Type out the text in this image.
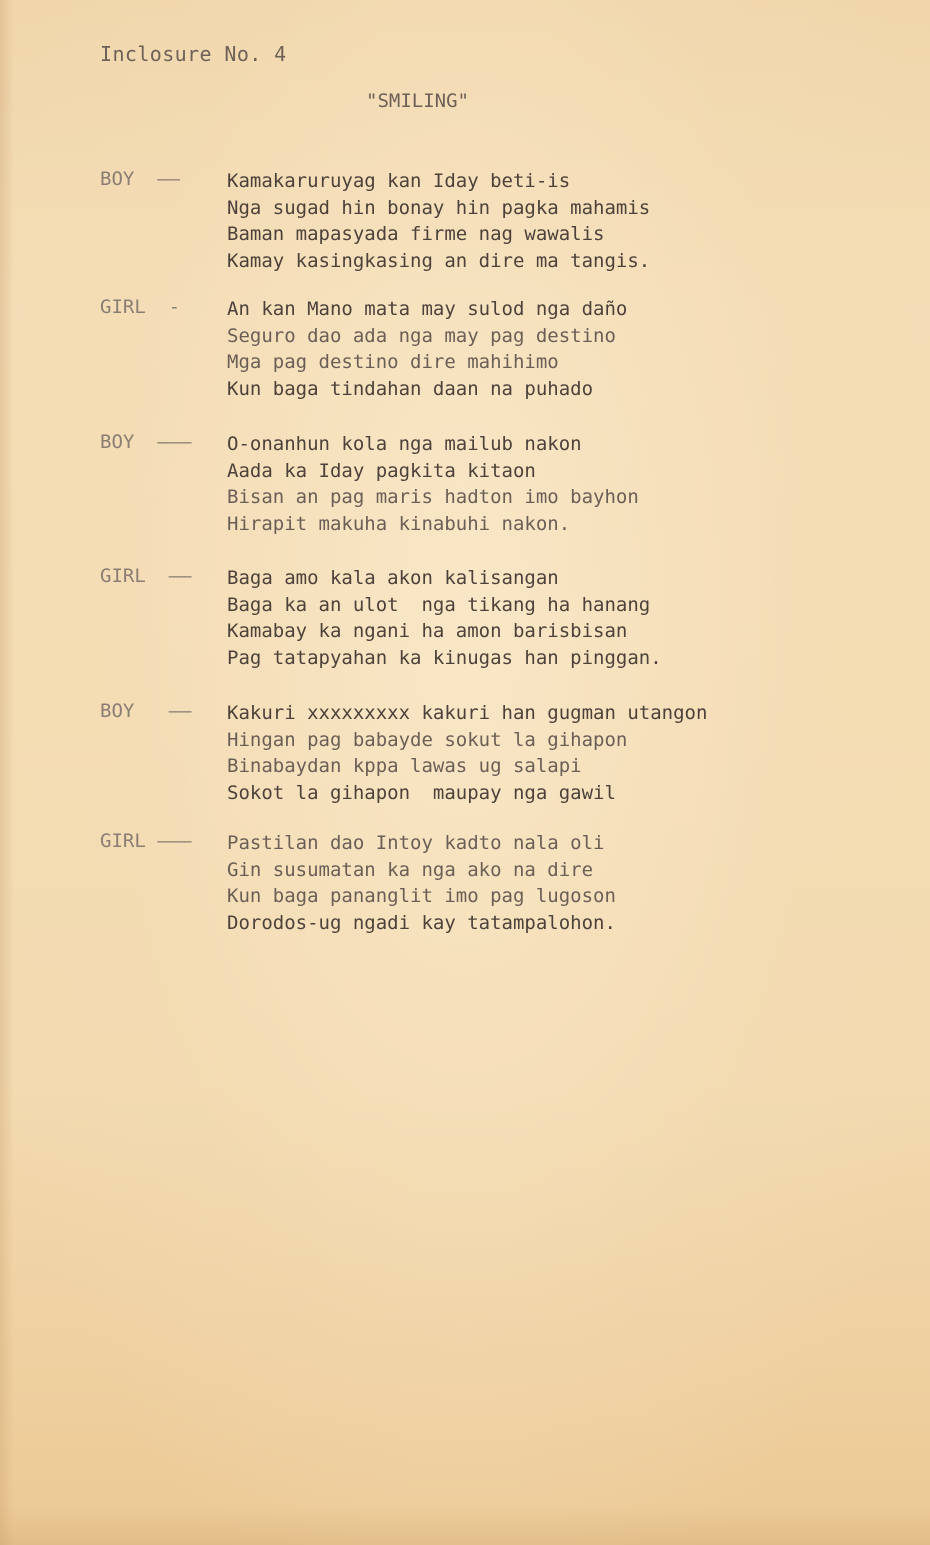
Inclosure No. 4
"SMILING"
BOY  ——	Kamakaruruyag kan Iday beti-is
Nga sugad hin bonay hin pagka mahamis
Baman mapasyada firme nag wawalis
Kamay kasingkasing an dire ma tangis.
GIRL  -	An kan Mano mata may sulod nga daño
Seguro dao ada nga may pag destino
Mga pag destino dire mahihimo
Kun baga tindahan daan na puhado
BOY  ———	O-onanhun kola nga mailub nakon
Aada ka Iday pagkita kitaon
Bisan an pag maris hadton imo bayhon
Hirapit makuha kinabuhi nakon.
GIRL  ——	Baga amo kala akon kalisangan
Baga ka an ulot  nga tikang ha hanang
Kamabay ka ngani ha amon barisbisan
Pag tatapyahan ka kinugas han pinggan.
BOY   ——	Kakuri xxxxxxxxx kakuri han gugman utangon
Hingan pag babayde sokut la gihapon
Binabaydan kppa lawas ug salapi
Sokot la gihapon  maupay nga gawil
GIRL ———	Pastilan dao Intoy kadto nala oli
Gin susumatan ka nga ako na dire
Kun baga pananglit imo pag lugoson
Dorodos-ug ngadi kay tatampalohon.
